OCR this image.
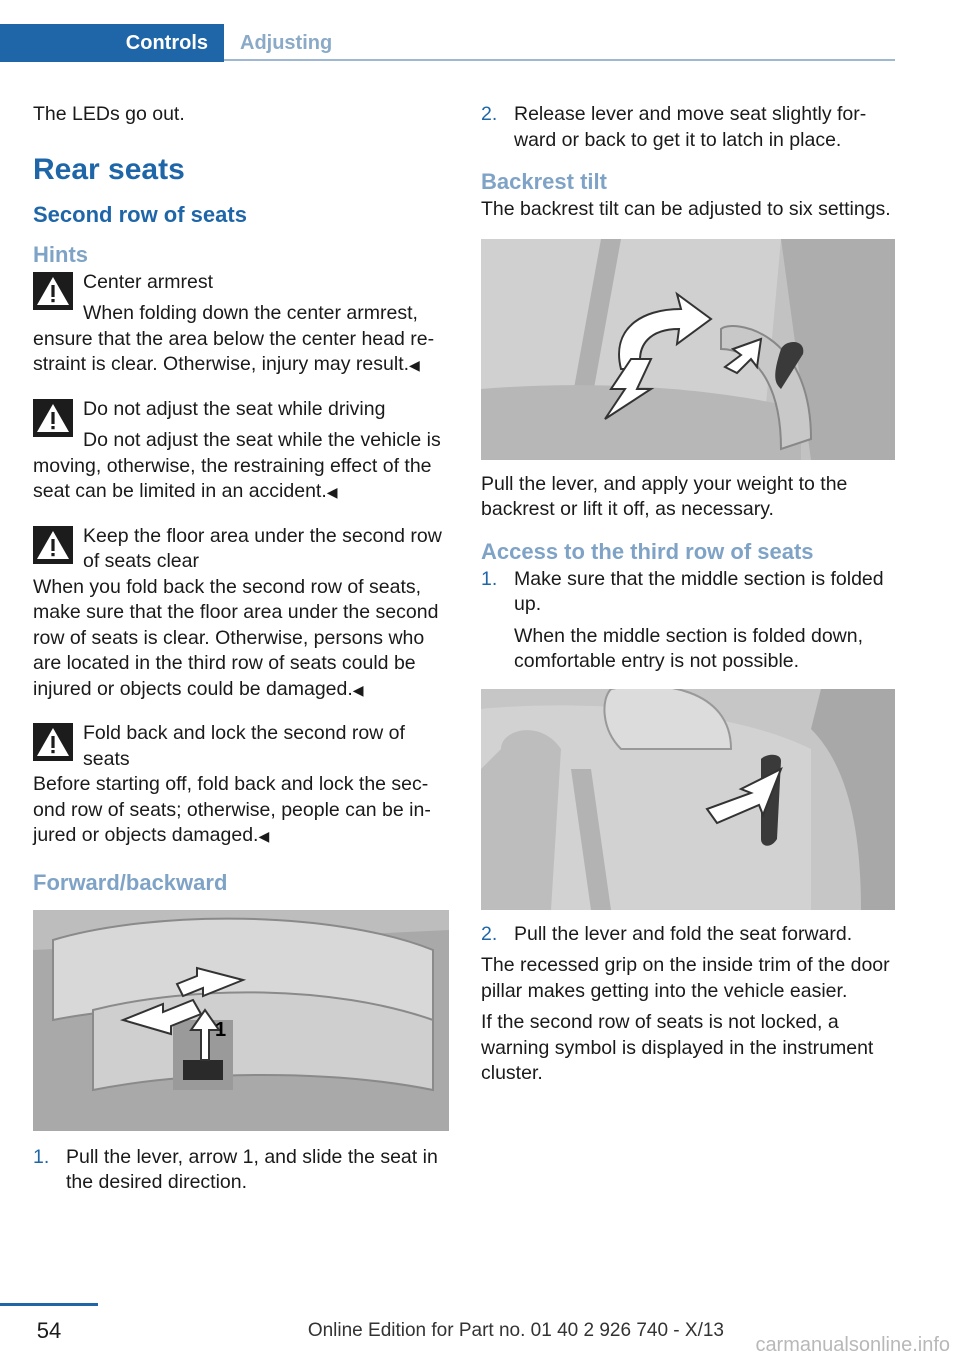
Controls	Adjusting

The LEDs go out.

Rear seats
Second row of seats
Hints

Center armrest

When folding down the center armrest,

ensure that the area below the center head restraint is clear. Otherwise, injury may result.◀

Do not adjust the seat while driving

Do not adjust the seat while the vehicle is

moving, otherwise, the restraining effect of the seat can be limited in an accident.◀

Keep the floor area under the second row of seats clear

When you fold back the second row of seats, make sure that the floor area under the second row of seats is clear. Otherwise, persons who are located in the third row of seats could be injured or objects could be damaged.◀

Fold back and lock the second row of seats

Before starting off, fold back and lock the second row of seats; otherwise, people can be injured or objects damaged.◀

Forward/backward
1
1. Pull the lever, arrow 1, and slide the seat in the desired direction.
2. Release lever and move seat slightly forward or back to get it to latch in place.
Backrest tilt

The backrest tilt can be adjusted to six settings.

Pull the lever, and apply your weight to the backrest or lift it off, as necessary.

Access to the third row of seats
1. Make sure that the middle section is folded up.

When the middle section is folded down, comfortable entry is not possible.

2. Pull the lever and fold the seat forward.

The recessed grip on the inside trim of the door pillar makes getting into the vehicle easier.

If the second row of seats is not locked, a warning symbol is displayed in the instrument cluster.

54	Online Edition for Part no. 01 40 2 926 740 - X/13
carmanualsonline.info
